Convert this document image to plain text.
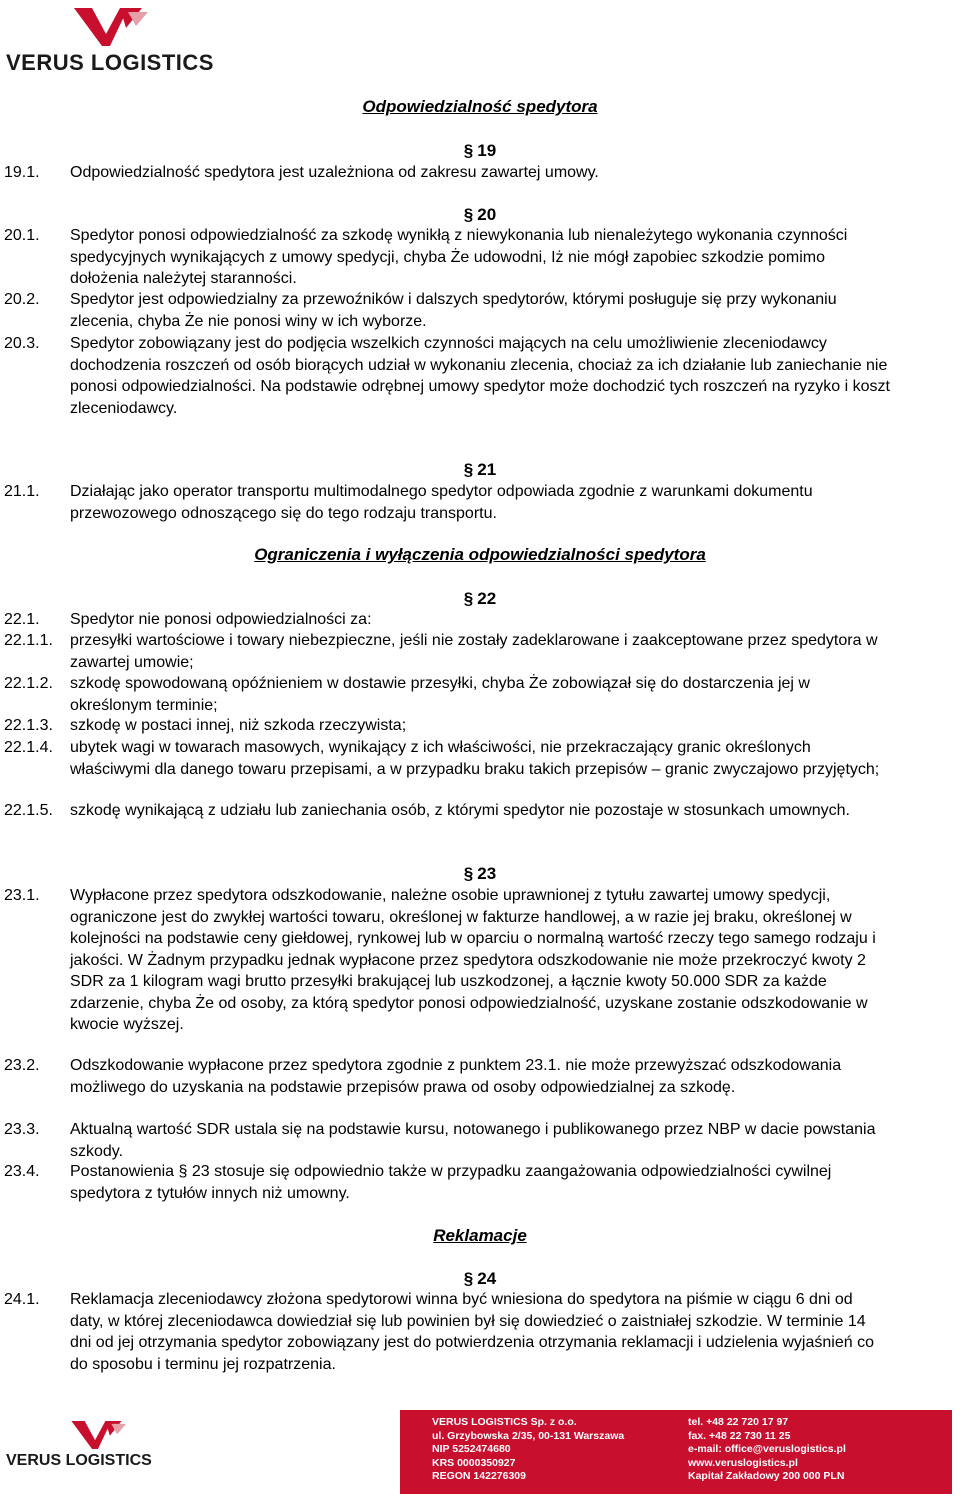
VERUS LOGISTICS
Odpowiedzialność spedytora
§ 19
19.1. Odpowiedzialność spedytora jest uzależniona od zakresu zawartej umowy.
§ 20
20.1. Spedytor ponosi odpowiedzialność za szkodę wynikłą z niewykonania lub nienależytego wykonania czynności spedycyjnych wynikających z umowy spedycji, chyba Że udowodni, Iż nie mógł zapobiec szkodzie pomimo dołożenia należytej staranności.
20.2. Spedytor jest odpowiedzialny za przewoźników i dalszych spedytorów, którymi posługuje się przy wykonaniu zlecenia, chyba Że nie ponosi winy w ich wyborze.
20.3. Spedytor zobowiązany jest do podjęcia wszelkich czynności mających na celu umożliwienie zleceniodawcy dochodzenia roszczeń od osób biorących udział w wykonaniu zlecenia, chociaż za ich działanie lub zaniechanie nie ponosi odpowiedzialności. Na podstawie odrębnej umowy spedytor może dochodzić tych roszczeń na ryzyko i koszt zleceniodawcy.
§ 21
21.1. Działając jako operator transportu multimodalnego spedytor odpowiada zgodnie z warunkami dokumentu przewozowego odnoszącego się do tego rodzaju transportu.
Ograniczenia i wyłączenia odpowiedzialności spedytora
§ 22
22.1. Spedytor nie ponosi odpowiedzialności za:
22.1.1. przesyłki wartościowe i towary niebezpieczne, jeśli nie zostały zadeklarowane i zaakceptowane przez spedytora w zawartej umowie;
22.1.2. szkodę spowodowaną opóźnieniem w dostawie przesyłki, chyba Że zobowiązał się do dostarczenia jej w określonym terminie;
22.1.3. szkodę w postaci innej, niż szkoda rzeczywista;
22.1.4. ubytek wagi w towarach masowych, wynikający z ich właściwości, nie przekraczający granic określonych właściwymi dla danego towaru przepisami, a w przypadku braku takich przepisów – granic zwyczajowo przyjętych;
22.1.5. szkodę wynikającą z udziału lub zaniechania osób, z którymi spedytor nie pozostaje w stosunkach umownych.
§ 23
23.1. Wypłacone przez spedytora odszkodowanie, należne osobie uprawnionej z tytułu zawartej umowy spedycji, ograniczone jest do zwykłej wartości towaru, określonej w fakturze handlowej, a w razie jej braku, określonej w kolejności na podstawie ceny giełdowej, rynkowej lub w oparciu o normalną wartość rzeczy tego samego rodzaju i jakości. W Żadnym przypadku jednak wypłacone przez spedytora odszkodowanie nie może przekroczyć kwoty 2 SDR za 1 kilogram wagi brutto przesyłki brakującej lub uszkodzonej, a łącznie kwoty 50.000 SDR za każde zdarzenie, chyba Że od osoby, za którą spedytor ponosi odpowiedzialność, uzyskane zostanie odszkodowanie w kwocie wyższej.
23.2. Odszkodowanie wypłacone przez spedytora zgodnie z punktem 23.1. nie może przewyższać odszkodowania możliwego do uzyskania na podstawie przepisów prawa od osoby odpowiedzialnej za szkodę.
23.3. Aktualną wartość SDR ustala się na podstawie kursu, notowanego i publikowanego przez NBP w dacie powstania szkody.
23.4. Postanowienia § 23 stosuje się odpowiednio także w przypadku zaangażowania odpowiedzialności cywilnej spedytora z tytułów innych niż umowny.
Reklamacje
§ 24
24.1. Reklamacja zleceniodawcy złożona spedytorowi winna być wniesiona do spedytora na piśmie w ciągu 6 dni od daty, w której zleceniodawca dowiedział się lub powinien był się dowiedzieć o zaistniałej szkodzie. W terminie 14 dni od jej otrzymania spedytor zobowiązany jest do potwierdzenia otrzymania reklamacji i udzielenia wyjaśnień co do sposobu i terminu jej rozpatrzenia.
VERUS LOGISTICS
VERUS LOGISTICS Sp. z o.o.
ul. Grzybowska 2/35, 00-131 Warszawa
NIP 5252474680
KRS 0000350927
REGON 142276309
tel. +48 22 720 17 97
fax. +48 22 730 11 25
e-mail: office@veruslogistics.pl
www.veruslogistics.pl
Kapitał Zakładowy 200 000 PLN
